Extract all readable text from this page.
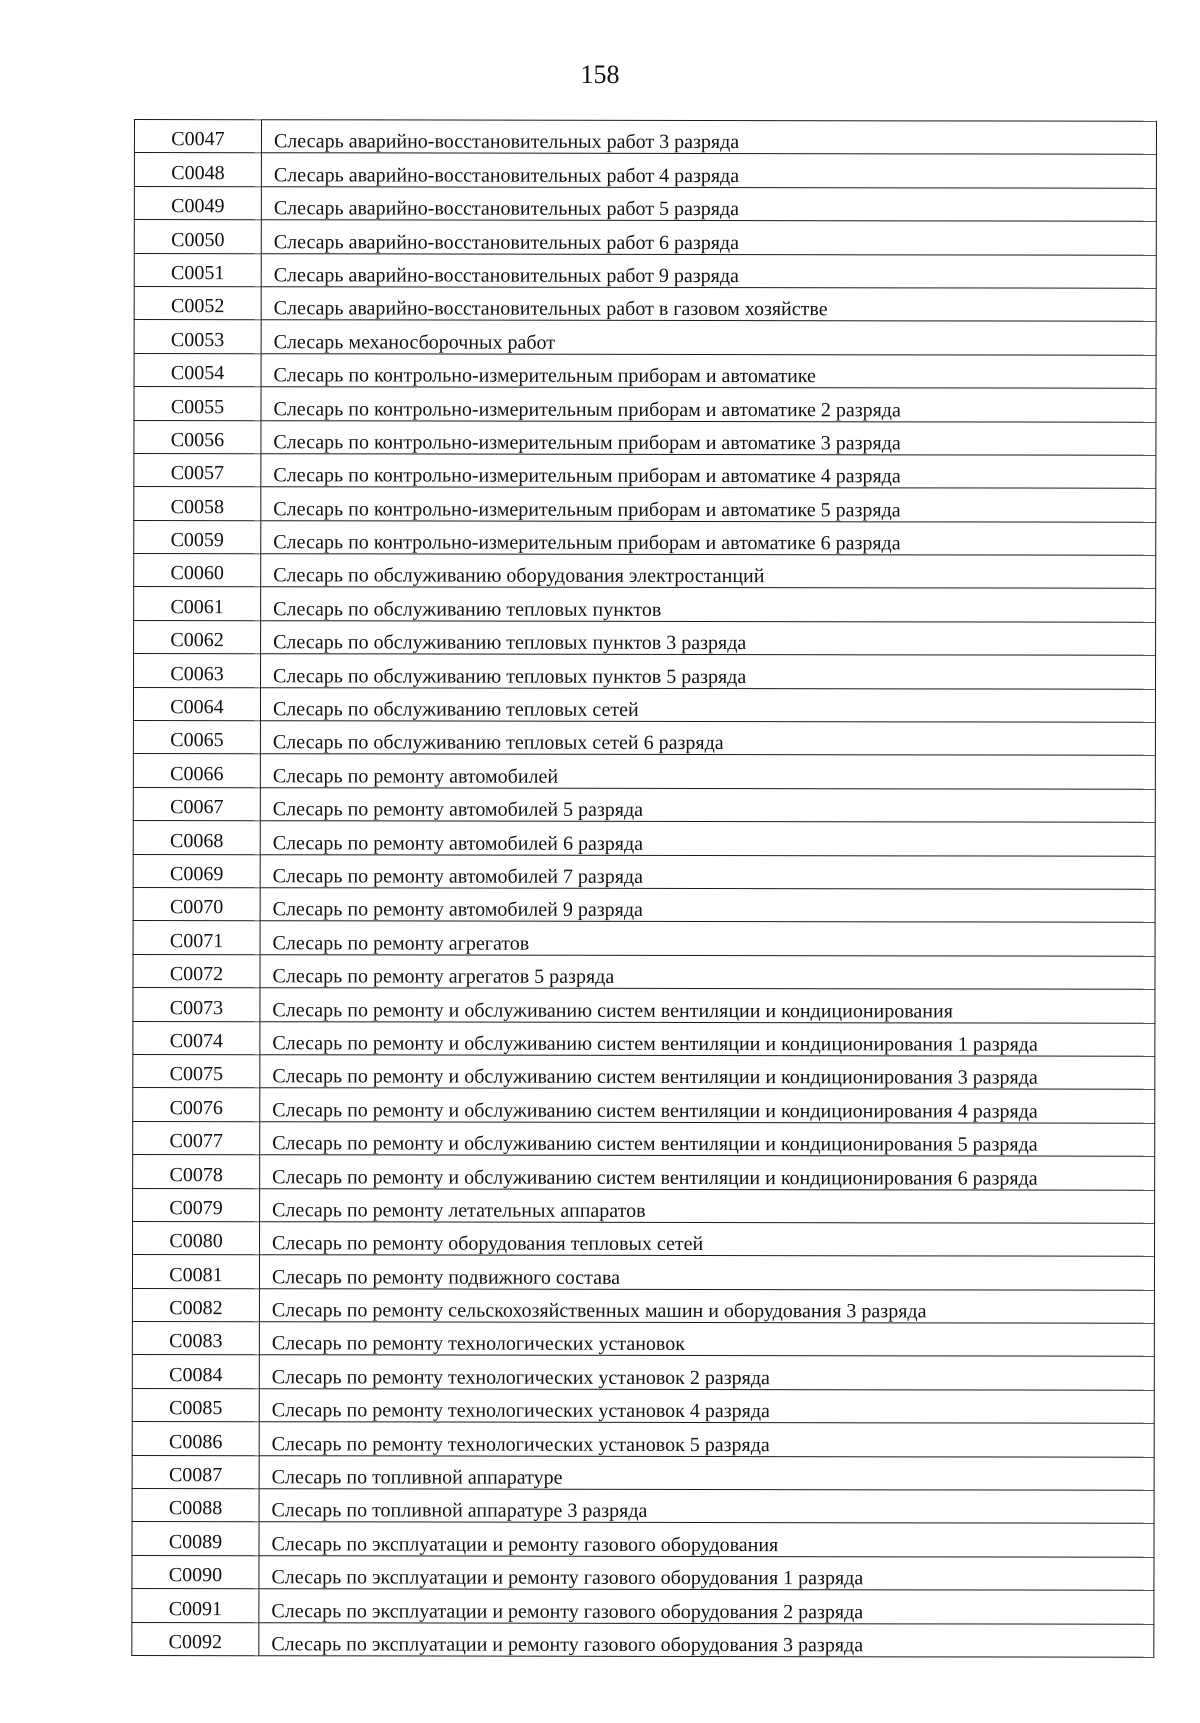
158
C0047	Слесарь аварийно-восстановительных работ 3 разряда
C0048	Слесарь аварийно-восстановительных работ 4 разряда
C0049	Слесарь аварийно-восстановительных работ 5 разряда
C0050	Слесарь аварийно-восстановительных работ 6 разряда
C0051	Слесарь аварийно-восстановительных работ 9 разряда
C0052	Слесарь аварийно-восстановительных работ в газовом хозяйстве
C0053	Слесарь механосборочных работ
C0054	Слесарь по контрольно-измерительным приборам и автоматике
C0055	Слесарь по контрольно-измерительным приборам и автоматике 2 разряда
C0056	Слесарь по контрольно-измерительным приборам и автоматике 3 разряда
C0057	Слесарь по контрольно-измерительным приборам и автоматике 4 разряда
C0058	Слесарь по контрольно-измерительным приборам и автоматике 5 разряда
C0059	Слесарь по контрольно-измерительным приборам и автоматике 6 разряда
C0060	Слесарь по обслуживанию оборудования электростанций
C0061	Слесарь по обслуживанию тепловых пунктов
C0062	Слесарь по обслуживанию тепловых пунктов 3 разряда
C0063	Слесарь по обслуживанию тепловых пунктов 5 разряда
C0064	Слесарь по обслуживанию тепловых сетей
C0065	Слесарь по обслуживанию тепловых сетей 6 разряда
C0066	Слесарь по ремонту автомобилей
C0067	Слесарь по ремонту автомобилей 5 разряда
C0068	Слесарь по ремонту автомобилей 6 разряда
C0069	Слесарь по ремонту автомобилей 7 разряда
C0070	Слесарь по ремонту автомобилей 9 разряда
C0071	Слесарь по ремонту агрегатов
C0072	Слесарь по ремонту агрегатов 5 разряда
C0073	Слесарь по ремонту и обслуживанию систем вентиляции и кондиционирования
C0074	Слесарь по ремонту и обслуживанию систем вентиляции и кондиционирования 1 разряда
C0075	Слесарь по ремонту и обслуживанию систем вентиляции и кондиционирования 3 разряда
C0076	Слесарь по ремонту и обслуживанию систем вентиляции и кондиционирования 4 разряда
C0077	Слесарь по ремонту и обслуживанию систем вентиляции и кондиционирования 5 разряда
C0078	Слесарь по ремонту и обслуживанию систем вентиляции и кондиционирования 6 разряда
C0079	Слесарь по ремонту летательных аппаратов
C0080	Слесарь по ремонту оборудования тепловых сетей
C0081	Слесарь по ремонту подвижного состава
C0082	Слесарь по ремонту сельскохозяйственных машин и оборудования 3 разряда
C0083	Слесарь по ремонту технологических установок
C0084	Слесарь по ремонту технологических установок 2 разряда
C0085	Слесарь по ремонту технологических установок 4 разряда
C0086	Слесарь по ремонту технологических установок 5 разряда
C0087	Слесарь по топливной аппаратуре
C0088	Слесарь по топливной аппаратуре 3 разряда
C0089	Слесарь по эксплуатации и ремонту газового оборудования
C0090	Слесарь по эксплуатации и ремонту газового оборудования 1 разряда
C0091	Слесарь по эксплуатации и ремонту газового оборудования 2 разряда
C0092	Слесарь по эксплуатации и ремонту газового оборудования 3 разряда
